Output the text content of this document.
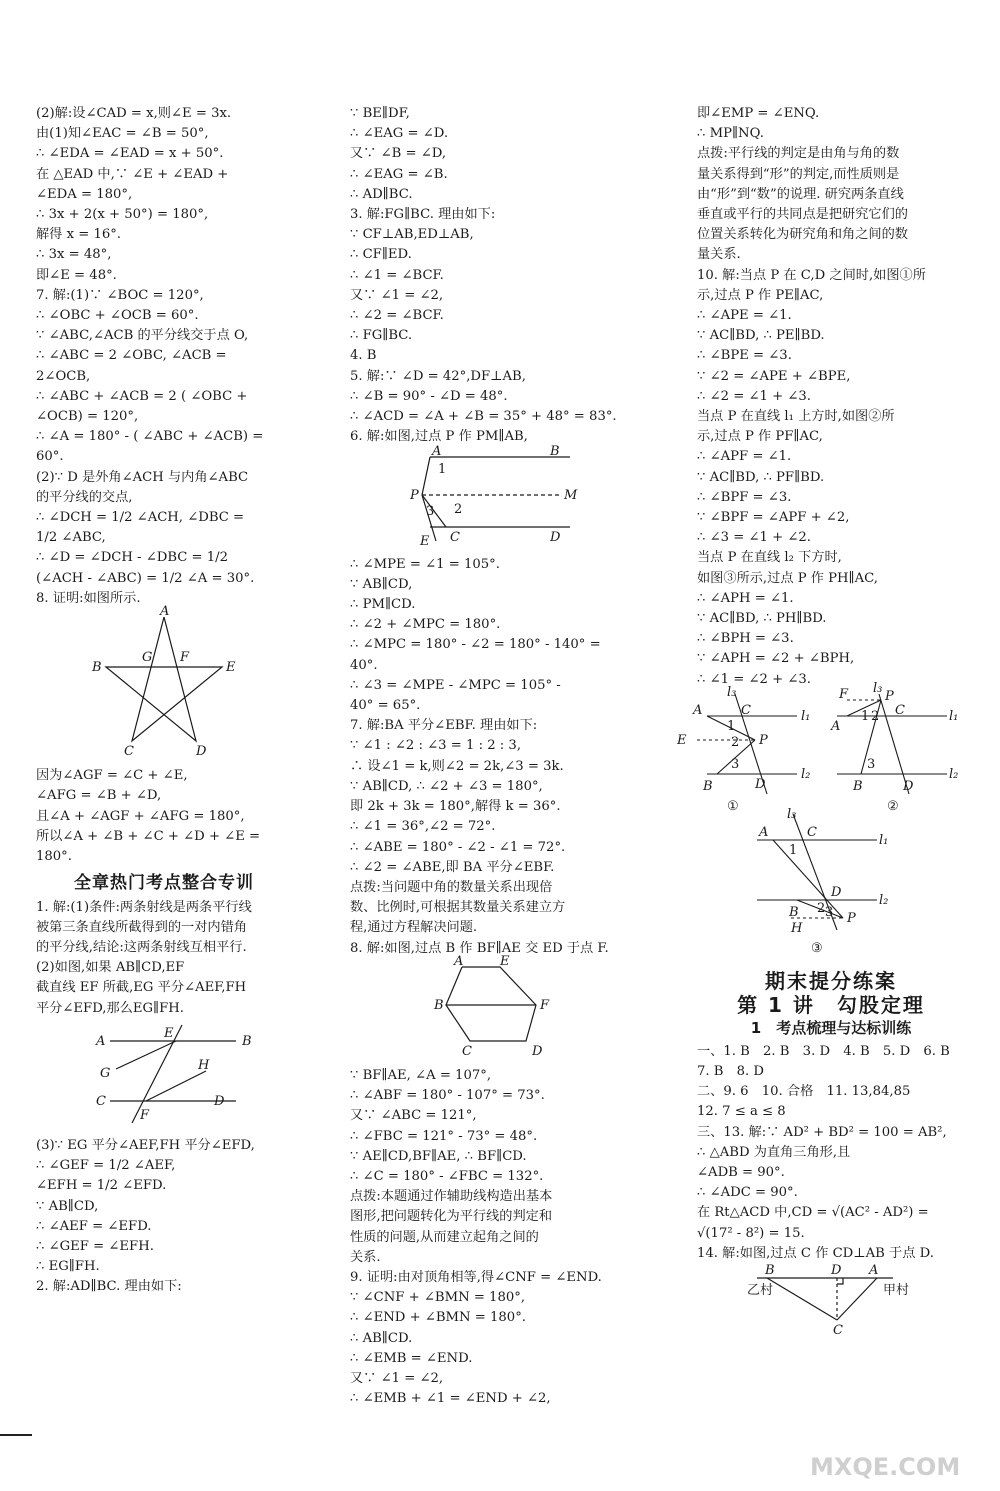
(2)解:设∠CAD = x,则∠E = 3x.
由(1)知∠EAC = ∠B = 50°,
∴ ∠EDA = ∠EAD = x + 50°.
在 △EAD 中,∵ ∠E + ∠EAD +
∠EDA = 180°,
∴ 3x + 2(x + 50°) = 180°,
解得 x = 16°.
∴ 3x = 48°,
即∠E = 48°.
7. 解:(1)∵ ∠BOC = 120°,
∴ ∠OBC + ∠OCB = 60°.
∵ ∠ABC,∠ACB 的平分线交于点 O,
∴ ∠ABC = 2 ∠OBC, ∠ACB =
2∠OCB,
∴ ∠ABC + ∠ACB = 2 ( ∠OBC +
∠OCB) = 120°,
∴ ∠A = 180° - ( ∠ABC + ∠ACB) =
60°.
(2)∵ D 是外角∠ACH 与内角∠ABC
的平分线的交点,
∴ ∠DCH = 1/2 ∠ACH, ∠DBC =
1/2 ∠ABC,
∴ ∠D = ∠DCH - ∠DBC = 1/2
(∠ACH - ∠ABC) = 1/2 ∠A = 30°.
8. 证明:如图所示.
A
B
C	D
E
F
G
因为∠AGF = ∠C + ∠E,
∠AFG = ∠B + ∠D,
且∠A + ∠AGF + ∠AFG = 180°,
所以∠A + ∠B + ∠C + ∠D + ∠E =
180°.
全章热门考点整合专训
1. 解:(1)条件:两条射线是两条平行线
被第三条直线所截得到的一对内错角
的平分线,结论:这两条射线互相平行.
(2)如图,如果 AB∥CD,EF
截直线 EF 所截,EG 平分∠AEF,FH
平分∠EFD,那么EG∥FH.
A	B
C	D
E
F
G
H
(3)∵ EG 平分∠AEF,FH 平分∠EFD,
∴ ∠GEF = 1/2 ∠AEF,
∠EFH = 1/2 ∠EFD.
∵ AB∥CD,
∴ ∠AEF = ∠EFD.
∴ ∠GEF = ∠EFH.
∴ EG∥FH.
2. 解:AD∥BC. 理由如下:
∵ BE∥DF,
∴ ∠EAG = ∠D.
又∵ ∠B = ∠D,
∴ ∠EAG = ∠B.
∴ AD∥BC.
3. 解:FG∥BC. 理由如下:
∵ CF⊥AB,ED⊥AB,
∴ CF∥ED.
∴ ∠1 = ∠BCF.
又∵ ∠1 = ∠2,
∴ ∠2 = ∠BCF.
∴ FG∥BC.
4. B
5. 解:∵ ∠D = 42°,DF⊥AB,
∴ ∠B = 90° - ∠D = 48°.
∴ ∠ACD = ∠A + ∠B = 35° + 48° = 83°.
6. 解:如图,过点 P 作 PM∥AB,
A	B
C	D
P	M
E
1
2
3
∴ ∠MPE = ∠1 = 105°.
∵ AB∥CD,
∴ PM∥CD.
∴ ∠2 + ∠MPC = 180°.
∴ ∠MPC = 180° - ∠2 = 180° - 140° =
40°.
∴ ∠3 = ∠MPE - ∠MPC = 105° -
40° = 65°.
7. 解:BA 平分∠EBF. 理由如下:
∵ ∠1 : ∠2 : ∠3 = 1 : 2 : 3,
∴ 设∠1 = k,则∠2 = 2k,∠3 = 3k.
∵ AB∥CD, ∴ ∠2 + ∠3 = 180°,
即 2k + 3k = 180°,解得 k = 36°.
∴ ∠1 = 36°,∠2 = 72°.
∴ ∠ABE = 180° - ∠2 - ∠1 = 72°.
∴ ∠2 = ∠ABE,即 BA 平分∠EBF.
点拨:当问题中角的数量关系出现倍
数、比例时,可根据其数量关系建立方
程,通过方程解决问题.
8. 解:如图,过点 B 作 BF∥AE 交 ED 于点 F.
A
B
C	D
E
F
∵ BF∥AE, ∠A = 107°,
∴ ∠ABF = 180° - 107° = 73°.
又∵ ∠ABC = 121°,
∴ ∠FBC = 121° - 73° = 48°.
∵ AE∥CD,BF∥AE, ∴ BF∥CD.
∴ ∠C = 180° - ∠FBC = 132°.
点拨:本题通过作辅助线构造出基本
图形,把问题转化为平行线的判定和
性质的问题,从而建立起角之间的
关系.
9. 证明:由对顶角相等,得∠CNF = ∠END.
∵ ∠CNF + ∠BMN = 180°,
∴ ∠END + ∠BMN = 180°.
∴ AB∥CD.
∴ ∠EMB = ∠END.
又∵ ∠1 = ∠2,
∴ ∠EMB + ∠1 = ∠END + ∠2,
即∠EMP = ∠ENQ.
∴ MP∥NQ.
点拨:平行线的判定是由角与角的数
量关系得到“形”的判定,而性质则是
由“形”到“数”的说理. 研究两条直线
垂直或平行的共同点是把研究它们的
位置关系转化为研究角和角之间的数
量关系.
10. 解:当点 P 在 C,D 之间时,如图①所
示,过点 P 作 PE∥AC,
∴ ∠APE = ∠1.
∵ AC∥BD, ∴ PE∥BD.
∴ ∠BPE = ∠3.
∵ ∠2 = ∠APE + ∠BPE,
∴ ∠2 = ∠1 + ∠3.
当点 P 在直线 l₁ 上方时,如图②所
示,过点 P 作 PF∥AC,
∴ ∠APF = ∠1.
∵ AC∥BD, ∴ PF∥BD.
∴ ∠BPF = ∠3.
∵ ∠BPF = ∠APF + ∠2,
∴ ∠3 = ∠1 + ∠2.
当点 P 在直线 l₂ 下方时,
如图③所示,过点 P 作 PH∥AC,
∴ ∠APH = ∠1.
∵ AC∥BD, ∴ PH∥BD.
∴ ∠BPH = ∠3.
∵ ∠APH = ∠2 + ∠BPH,
∴ ∠1 = ∠2 + ∠3.
A
B
C
D
E	P
l₁
l₂
l₃
1
2
3
①
A
B
C
D
F	P
l₁
l₂
l₃
1 2
3
②
A
B
C
D
H
P
l₁
l₂
l₃
1
2 3
③
期末提分练案
第 1 讲　勾股定理
1　考点梳理与达标训练
一、1. B　2. B　3. D　4. B　5. D　6. B
7. B　8. D
二、9. 6　10. 合格　11. 13,84,85
12. 7 ≤ a ≤ 8
三、13. 解:∵ AD² + BD² = 100 = AB²,
∴ △ABD 为直角三角形,且
∠ADB = 90°.
∴ ∠ADC = 90°.
在 Rt△ACD 中,CD = √(AC² - AD²) =
√(17² - 8²) = 15.
14. 解:如图,过点 C 作 CD⊥AB 于点 D.
B	D A
C
乙村	甲村
MXQE.COM
